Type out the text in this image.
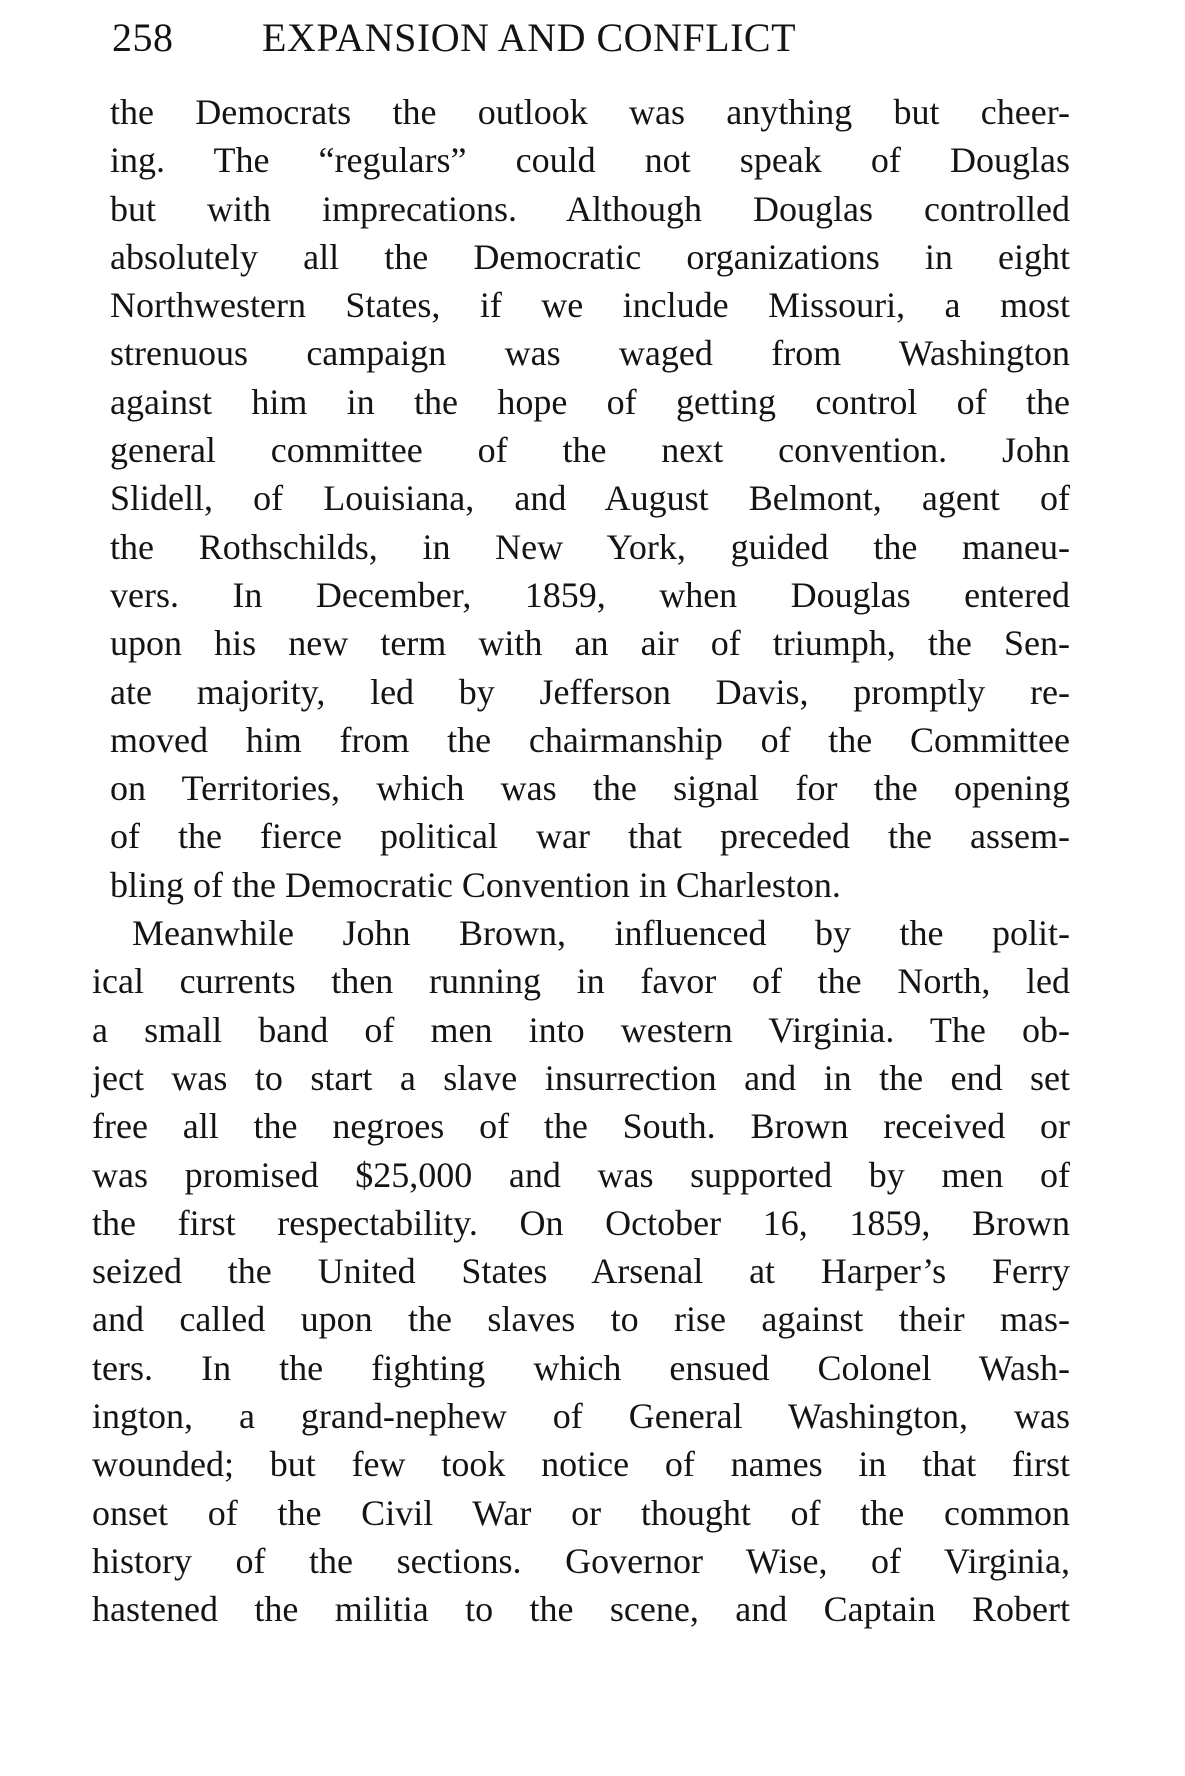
258	EXPANSION AND CONFLICT
the Democrats the outlook was anything but cheer-
ing. The “regulars” could not speak of Douglas
but with imprecations. Although Douglas controlled
absolutely all the Democratic organizations in eight
Northwestern States, if we include Missouri, a most
strenuous campaign was waged from Washington
against him in the hope of getting control of the
general committee of the next convention. John
Slidell, of Louisiana, and August Belmont, agent of
the Rothschilds, in New York, guided the maneu-
vers. In December, 1859, when Douglas entered
upon his new term with an air of triumph, the Sen-
ate majority, led by Jefferson Davis, promptly re-
moved him from the chairmanship of the Committee
on Territories, which was the signal for the opening
of the fierce political war that preceded the assem-
bling of the Democratic Convention in Charleston.
Meanwhile John Brown, influenced by the polit-
ical currents then running in favor of the North, led
a small band of men into western Virginia. The ob-
ject was to start a slave insurrection and in the end set
free all the negroes of the South. Brown received or
was promised $25,000 and was supported by men of
the first respectability. On October 16, 1859, Brown
seized the United States Arsenal at Harper’s Ferry
and called upon the slaves to rise against their mas-
ters. In the fighting which ensued Colonel Wash-
ington, a grand-nephew of General Washington, was
wounded; but few took notice of names in that first
onset of the Civil War or thought of the common
history of the sections. Governor Wise, of Virginia,
hastened the militia to the scene, and Captain Robert
